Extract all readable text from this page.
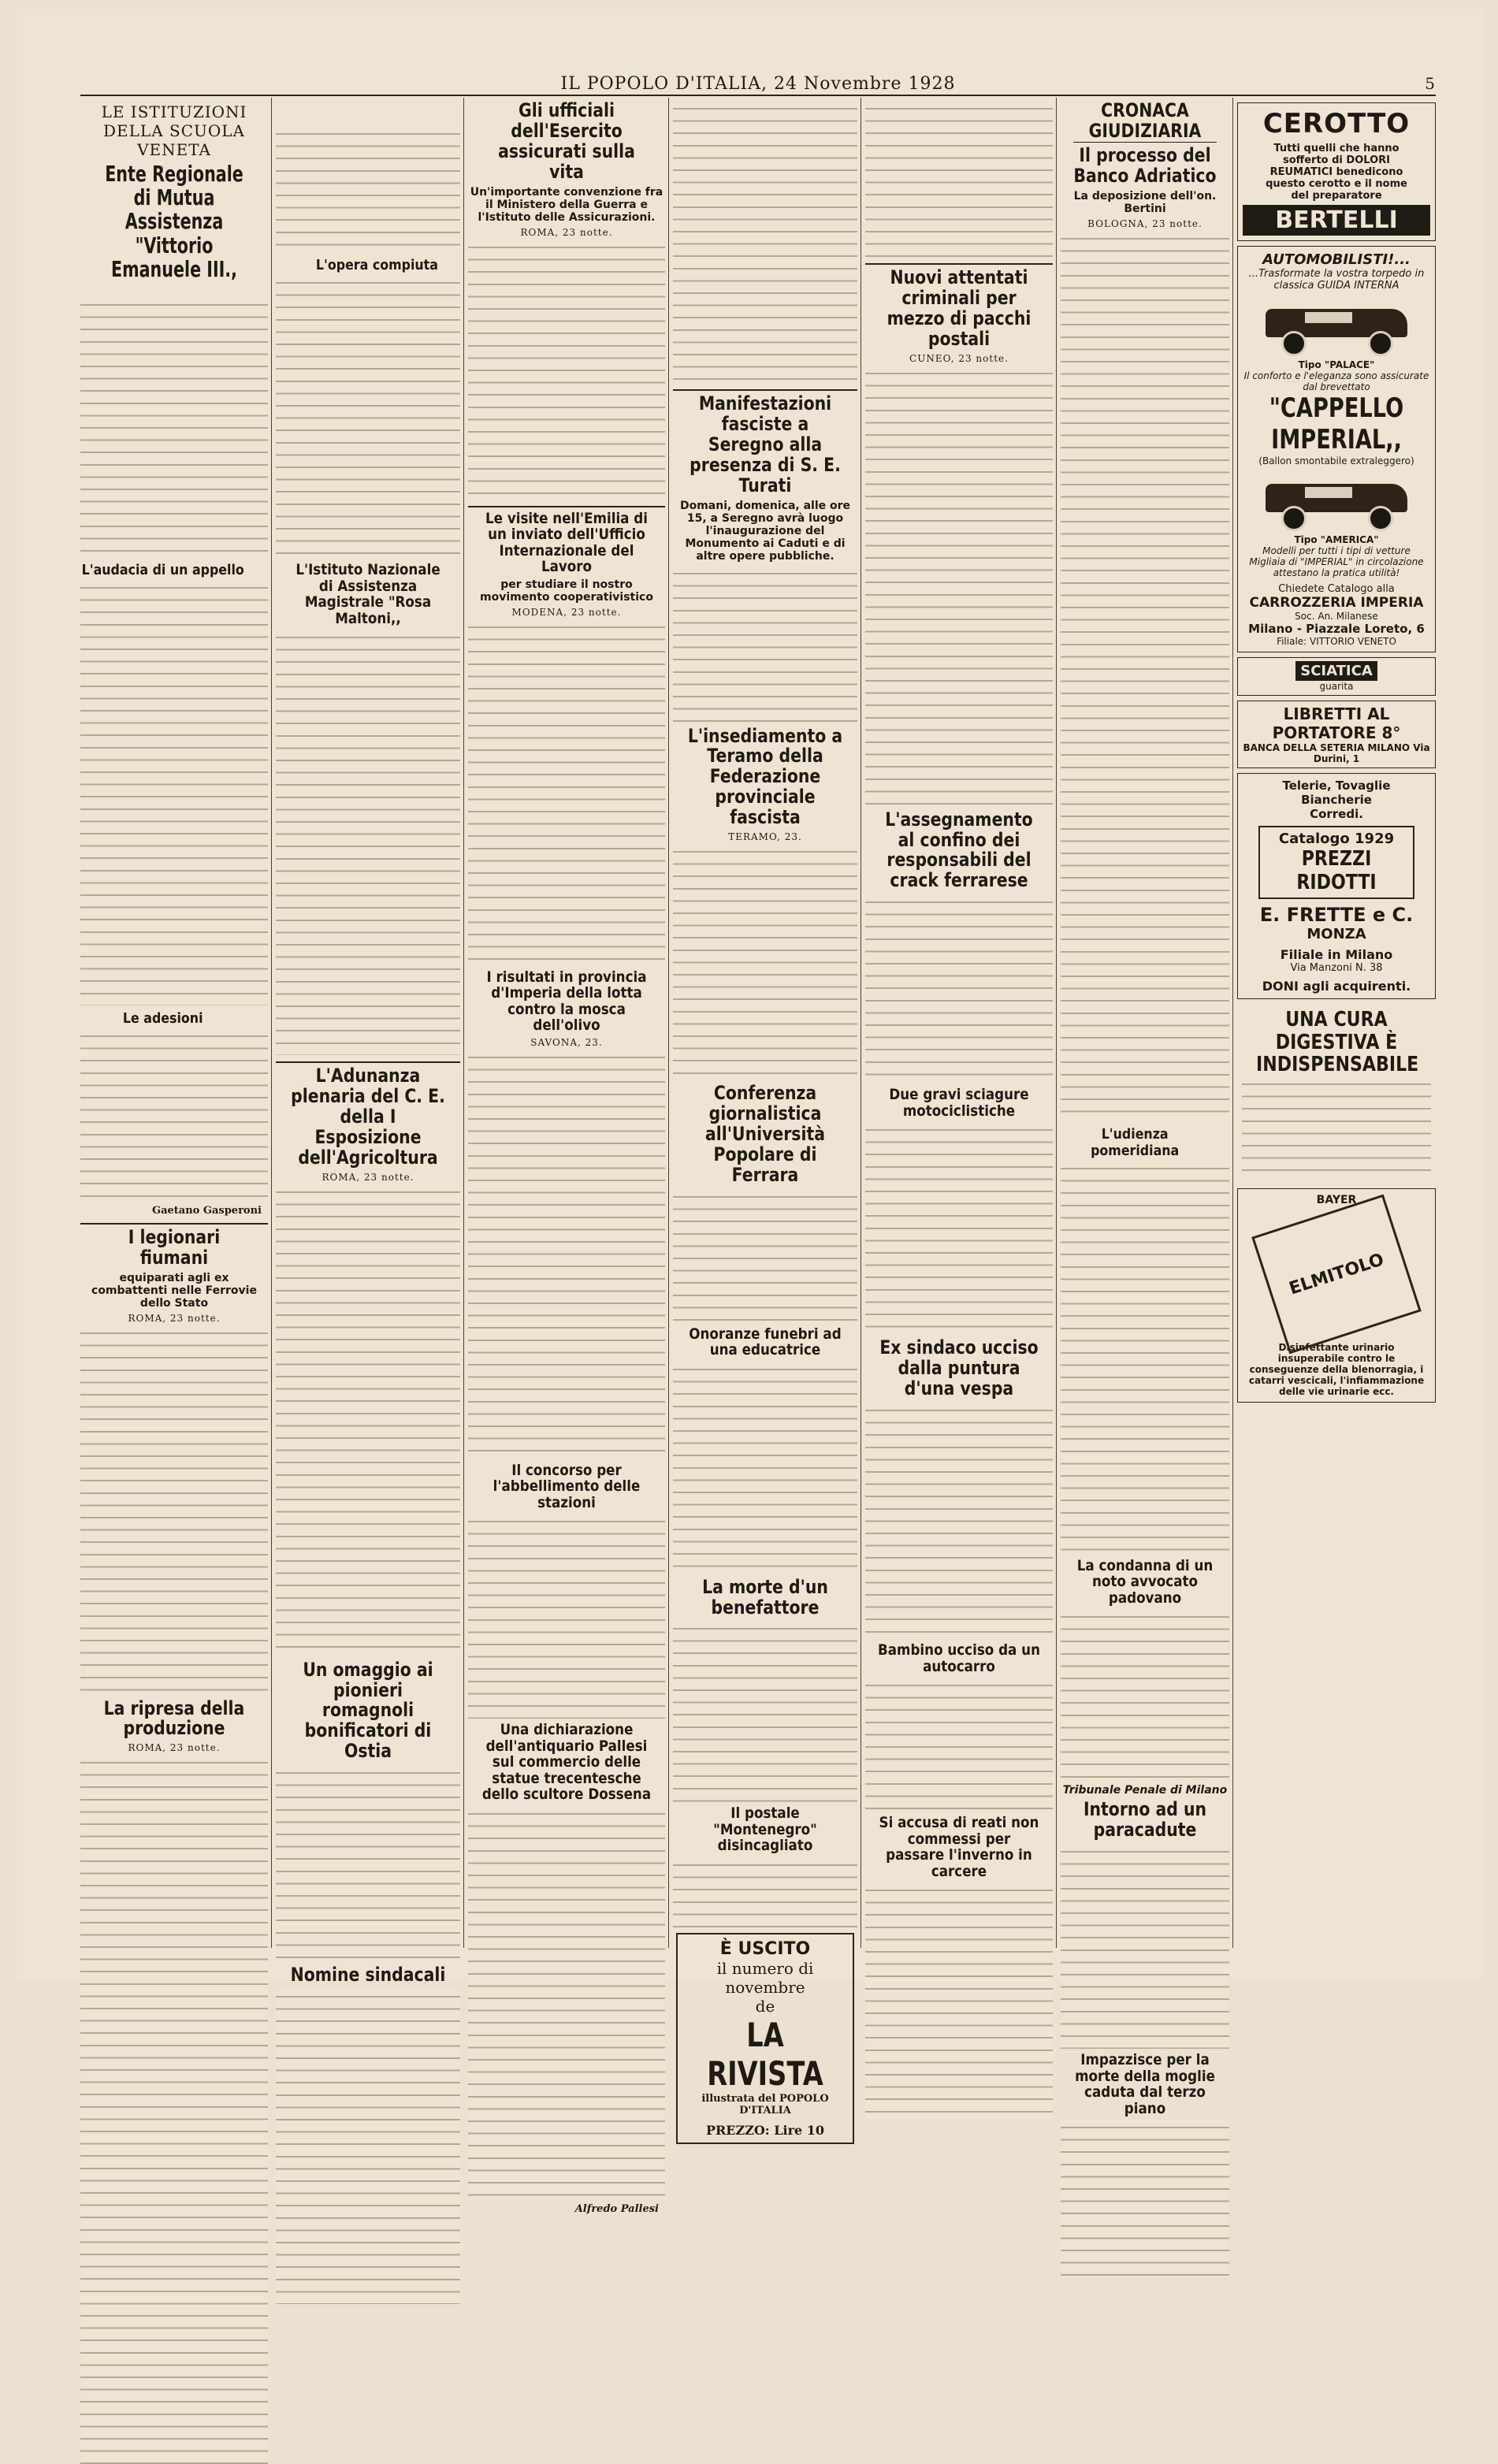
IL POPOLO D'ITALIA, 24 Novembre 1928	5
LE ISTITUZIONI DELLA SCUOLA VENETA
Ente Regionale di Mutua Assistenza "Vittorio Emanuele III.,

L'audacia di un appello
Le adesioni
Gaetano Gasperoni
I legionari fiumani
equiparati agli ex combattenti nelle Ferrovie dello Stato
ROMA, 23 notte.
La ripresa della produzione
ROMA, 23 notte.
L'opera compiuta
L'Istituto Nazionale di Assistenza Magistrale "Rosa Maltoni,,
L'Adunanza plenaria del C. E. della I Esposizione dell'Agricoltura
ROMA, 23 notte.
Un omaggio ai pionieri romagnoli bonificatori di Ostia
Nomine sindacali
Gli ufficiali dell'Esercito assicurati sulla vita
Un'importante convenzione fra il Ministero della Guerra e l'Istituto delle Assicurazioni.
ROMA, 23 notte.
Le visite nell'Emilia di un inviato dell'Ufficio Internazionale del Lavoro
per studiare il nostro movimento cooperativistico
MODENA, 23 notte.
I risultati in provincia d'Imperia della lotta contro la mosca dell'olivo
SAVONA, 23.
Il concorso per l'abbellimento delle stazioni
Una dichiarazione dell'antiquario Pallesi sul commercio delle statue trecentesche dello scultore Dossena
Alfredo Pallesi
Manifestazioni fasciste a Seregno alla presenza di S. E. Turati
Domani, domenica, alle ore 15, a Seregno avrà luogo l'inaugurazione del Monumento ai Caduti e di altre opere pubbliche.
L'insediamento a Teramo della Federazione provinciale fascista
TERAMO, 23.
Conferenza giornalistica all'Università Popolare di Ferrara
Onoranze funebri ad una educatrice
La morte d'un benefattore
Il postale "Montenegro" disincagliato
È USCITO
il numero di novembre
de
LA RIVISTA
illustrata del POPOLO D'ITALIA
PREZZO: Lire 10
Nuovi attentati criminali per mezzo di pacchi postali
CUNEO, 23 notte.
L'assegnamento al confino dei responsabili del crack ferrarese
Due gravi sciagure motociclistiche
Ex sindaco ucciso dalla puntura d'una vespa
Bambino ucciso da un autocarro
Si accusa di reati non commessi per passare l'inverno in carcere
CRONACA GIUDIZIARIA
Il processo del Banco Adriatico
La deposizione dell'on. Bertini
BOLOGNA, 23 notte.
L'udienza pomeridiana
La condanna di un noto avvocato padovano
Tribunale Penale di Milano
Intorno ad un paracadute
Impazzisce per la morte della moglie caduta dal terzo piano
CEROTTO
Tutti quelli che hanno sofferto di DOLORI REUMATICI benedicono questo cerotto e il nome del preparatore
BERTELLI
AUTOMOBILISTI!...
...Trasformate la vostra torpedo in classica GUIDA INTERNA
Tipo "PALACE"
Il conforto e l'eleganza sono assicurate dal brevettato
"CAPPELLO IMPERIAL,,
(Ballon smontabile extraleggero)
Tipo "AMERICA"
Modelli per tutti i tipi di vetture
Migliaia di "IMPERIAL" in circolazione attestano la pratica utilità!
Chiedete Catalogo alla
CARROZZERIA IMPERIA
Soc. An. Milanese
Milano - Piazzale Loreto, 6
Filiale: VITTORIO VENETO
SCIATICA
guarita
LIBRETTI AL PORTATORE 8°
BANCA DELLA SETERIA MILANO Via Durini, 1
Telerie, Tovaglie
Biancherie
Corredi.
Catalogo 1929
PREZZI RIDOTTI
E. FRETTE e C.
MONZA
Filiale in Milano
Via Manzoni N. 38
DONI agli acquirenti.
UNA CURA DIGESTIVA È INDISPENSABILE
BAYER
ELMITOLO
Disinfettante urinario insuperabile contro le conseguenze della blenorragia, i catarri vescicali, l'infiammazione delle vie urinarie ecc.
